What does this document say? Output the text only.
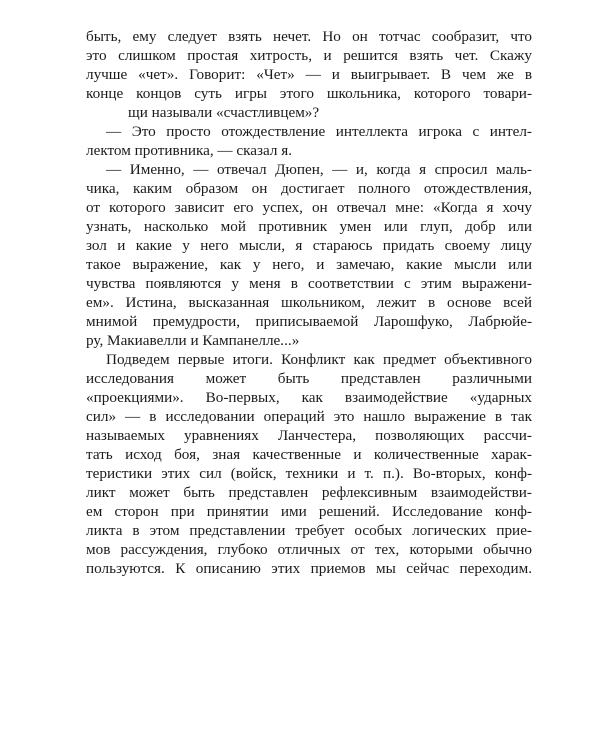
быть, ему следует взять нечет. Но он тотчас сообразит, что
это слишком простая хитрость, и решится взять чет. Скажу
лучше «чет». Говорит: «Чет» — и выигрывает. В чем же в
конце концов суть игры этого школьника, которого товари-
щи называли «счастливцем»?
— Это просто отождествление интеллекта игрока с интел-
лектом противника, — сказал я.
— Именно, — отвечал Дюпен, — и, когда я спросил маль-
чика, каким образом он достигает полного отождествления,
от которого зависит его успех, он отвечал мне: «Когда я хочу
узнать, насколько мой противник умен или глуп, добр или
зол и какие у него мысли, я стараюсь придать своему лицу
такое выражение, как у него, и замечаю, какие мысли или
чувства появляются у меня в соответствии с этим выражени-
ем». Истина, высказанная школьником, лежит в основе всей
мнимой премудрости, приписываемой Ларошфуко, Лабрюйе-
ру, Макиавелли и Кампанелле...»
Подведем первые итоги. Конфликт как предмет объективного
исследования может быть представлен различными
«проекциями». Во-первых, как взаимодействие «ударных
сил» — в исследовании операций это нашло выражение в так
называемых уравнениях Ланчестера, позволяющих рассчи-
тать исход боя, зная качественные и количественные харак-
теристики этих сил (войск, техники и т. п.). Во-вторых, конф-
ликт может быть представлен рефлексивным взаимодействи-
ем сторон при принятии ими решений. Исследование конф-
ликта в этом представлении требует особых логических прие-
мов рассуждения, глубоко отличных от тех, которыми обычно
пользуются. К описанию этих приемов мы сейчас переходим.
